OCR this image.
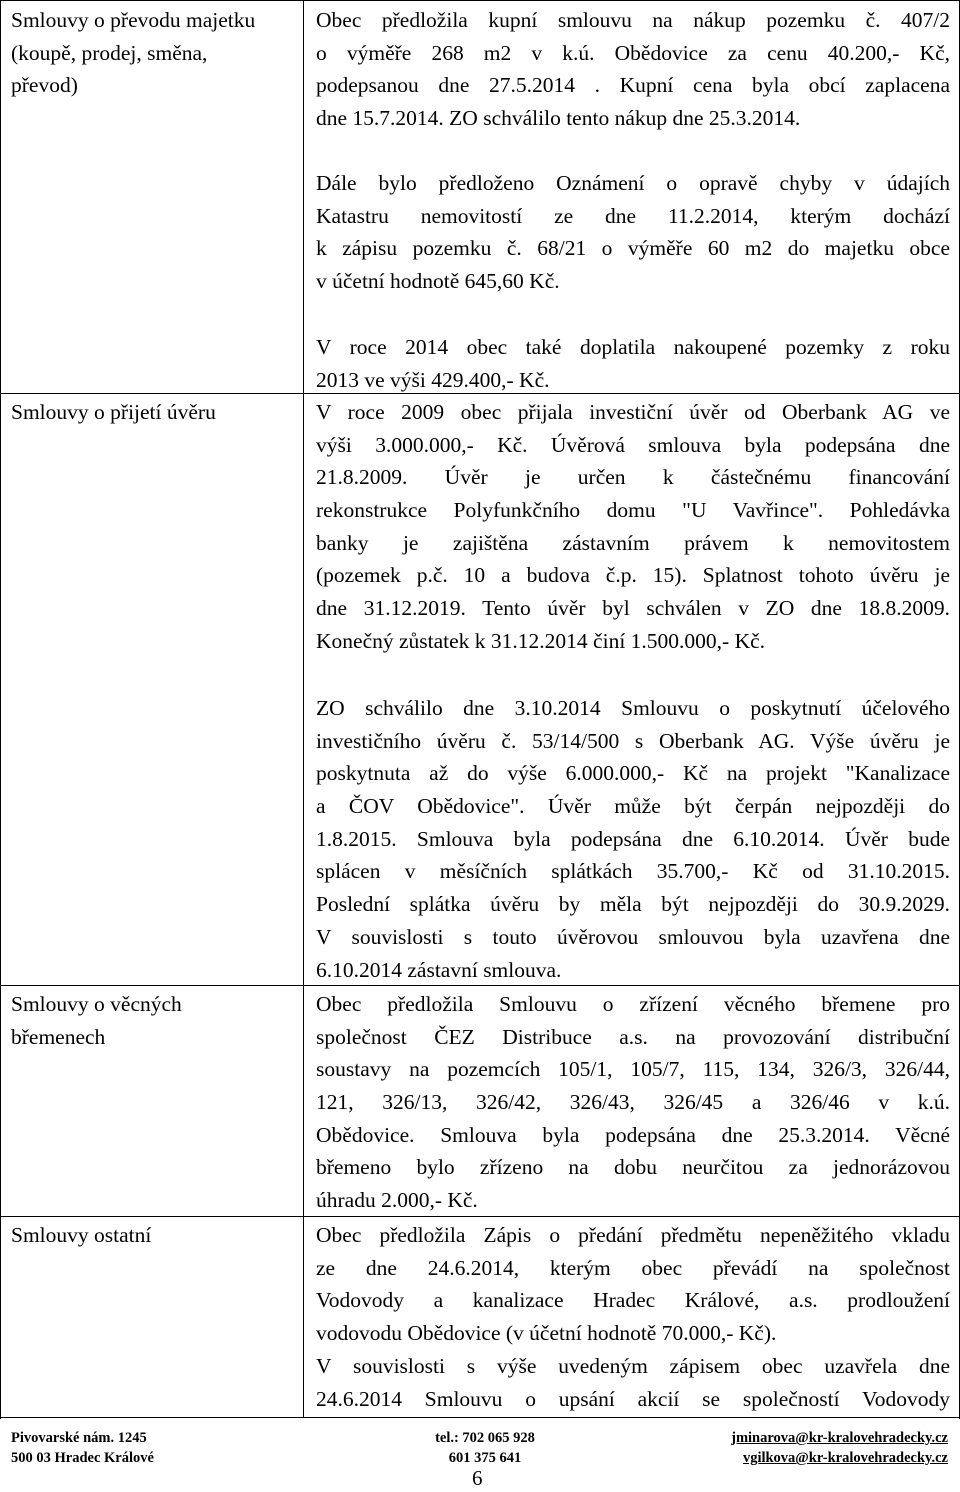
Smlouvy o převodu majetku
(koupě, prodej, směna,
převod)
Obec předložila kupní smlouvu na nákup pozemku č. 407/2
o výměře 268 m2 v k.ú. Obědovice za cenu 40.200,- Kč,
podepsanou dne 27.5.2014 . Kupní cena byla obcí zaplacena
dne 15.7.2014. ZO schválilo tento nákup dne 25.3.2014.
Dále bylo předloženo Oznámení o opravě chyby v údajích
Katastru nemovitostí ze dne 11.2.2014, kterým dochází
k zápisu pozemku č. 68/21 o výměře 60 m2 do majetku obce
v účetní hodnotě 645,60 Kč.
V roce 2014 obec také doplatila nakoupené pozemky z roku
2013 ve výši 429.400,- Kč.
Smlouvy o přijetí úvěru	V roce 2009 obec přijala investiční úvěr od Oberbank AG ve
výši 3.000.000,- Kč. Úvěrová smlouva byla podepsána dne
21.8.2009. Úvěr je určen k částečnému financování
rekonstrukce Polyfunkčního domu "U Vavřince". Pohledávka
banky je zajištěna zástavním právem k nemovitostem
(pozemek p.č. 10 a budova č.p. 15). Splatnost tohoto úvěru je
dne 31.12.2019. Tento úvěr byl schválen v ZO dne 18.8.2009.
Konečný zůstatek k 31.12.2014 činí 1.500.000,- Kč.
ZO schválilo dne 3.10.2014 Smlouvu o poskytnutí účelového
investičního úvěru č. 53/14/500 s Oberbank AG. Výše úvěru je
poskytnuta až do výše 6.000.000,- Kč na projekt "Kanalizace
a ČOV Obědovice". Úvěr může být čerpán nejpozději do
1.8.2015. Smlouva byla podepsána dne 6.10.2014. Úvěr bude
splácen v měsíčních splátkách 35.700,- Kč od 31.10.2015.
Poslední splátka úvěru by měla být nejpozději do 30.9.2029.
V souvislosti s touto úvěrovou smlouvou byla uzavřena dne
6.10.2014 zástavní smlouva.
Smlouvy o věcných
břemenech
Obec předložila Smlouvu o zřízení věcného břemene pro
společnost ČEZ Distribuce a.s. na provozování distribuční
soustavy na pozemcích 105/1, 105/7, 115, 134, 326/3, 326/44,
121, 326/13, 326/42, 326/43, 326/45 a 326/46 v k.ú.
Obědovice. Smlouva byla podepsána dne 25.3.2014. Věcné
břemeno bylo zřízeno na dobu neurčitou za jednorázovou
úhradu 2.000,- Kč.
Smlouvy ostatní	Obec předložila Zápis o předání předmětu nepeněžitého vkladu
ze dne 24.6.2014, kterým obec převádí na společnost
Vodovody a kanalizace Hradec Králové, a.s. prodloužení
vodovodu Obědovice (v účetní hodnotě 70.000,- Kč).
V souvislosti s výše uvedeným zápisem obec uzavřela dne
24.6.2014 Smlouvu o upsání akcií se společností Vodovody
Pivovarské nám. 1245
500 03 Hradec Králové
tel.: 702 065 928
601 375 641
jminarova@kr-kralovehradecky.cz
vgilkova@kr-kralovehradecky.cz
6
